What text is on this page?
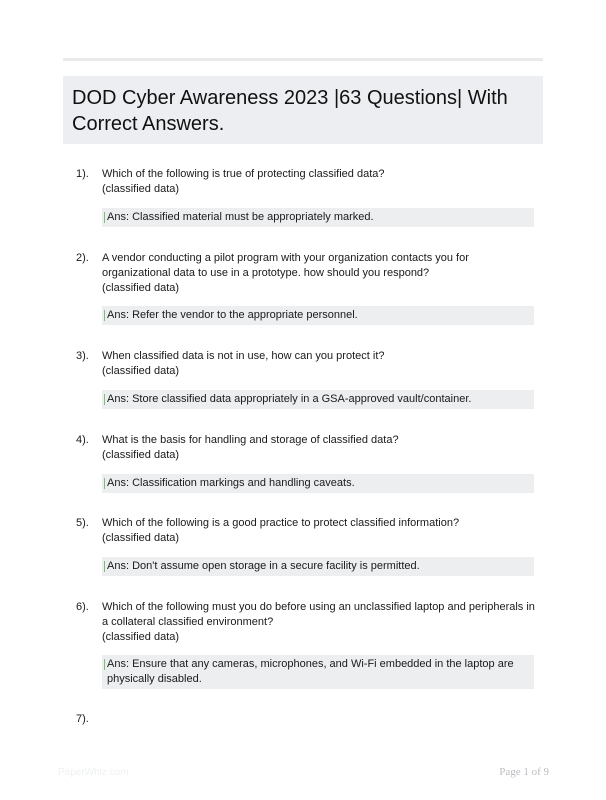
DOD Cyber Awareness 2023 |63 Questions| With Correct Answers.
1). Which of the following is true of protecting classified data?
(classified data)
Ans: Classified material must be appropriately marked.
2). A vendor conducting a pilot program with your organization contacts you for organizational data to use in a prototype. how should you respond?
(classified data)
Ans: Refer the vendor to the appropriate personnel.
3). When classified data is not in use, how can you protect it?
(classified data)
Ans: Store classified data appropriately in a GSA-approved vault/container.
4). What is the basis for handling and storage of classified data?
(classified data)
Ans: Classification markings and handling caveats.
5). Which of the following is a good practice to protect classified information?
(classified data)
Ans: Don't assume open storage in a secure facility is permitted.
6). Which of the following must you do before using an unclassified laptop and peripherals in a collateral classified environment?
(classified data)
Ans: Ensure that any cameras, microphones, and Wi-Fi embedded in the laptop are physically disabled.
7).
PaperWhiz.com	Page 1 of 9
